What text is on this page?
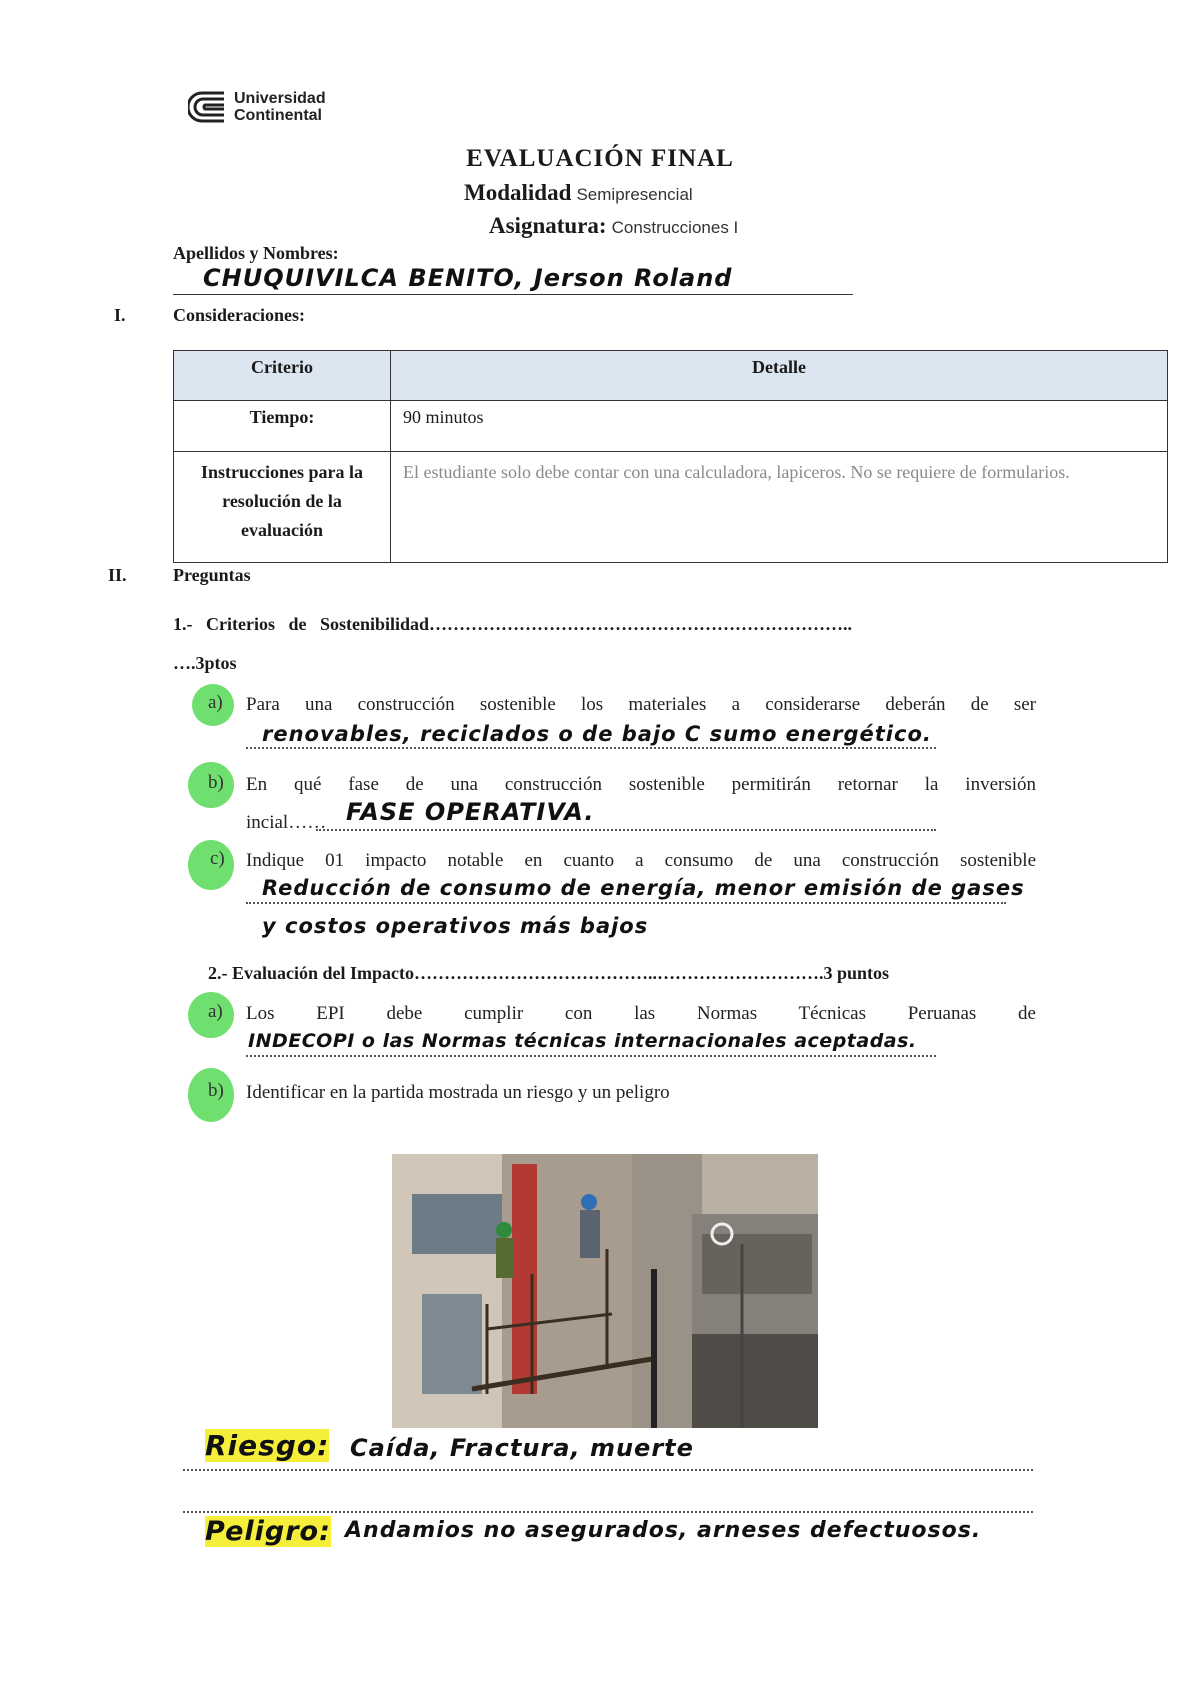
Universidad
Continental
EVALUACIÓN FINAL
Modalidad Semipresencial
Asignatura: Construcciones I
Apellidos y Nombres:
CHUQUIVILCA BENITO, Jerson Roland
I.	Consideraciones:
Criterio	Detalle
Tiempo:	90 minutos
Instrucciones para la resolución de la evaluación	El estudiante solo debe contar con una calculadora, lapiceros. No se requiere de formularios.
II.	Preguntas
1.-   Criterios   de   Sostenibilidad……………………………………………………………..
….3ptos
a) Para una construcción sostenible los materiales a considerarse deberán de ser
renovables, reciclados o de bajo C sumo energético.
b) En qué fase de una construcción sostenible permitirán retornar la inversión
incial…… FASE OPERATIVA.
c) Indique 01 impacto notable en cuanto a consumo de una construcción sostenible
Reducción de consumo de energía, menor emisión de gases
y costos operativos más bajos
2.- Evaluación del Impacto…………………………………..……………………….3 puntos
a) Los   EPI   debe   cumplir   con   las   Normas   Técnicas   Peruanas   de
INDECOPI o las Normas técnicas internacionales aceptadas.
b) Identificar en la partida mostrada un riesgo y un peligro
Riesgo: Caída, Fractura, muerte
Peligro: Andamios no asegurados, arneses defectuosos.
